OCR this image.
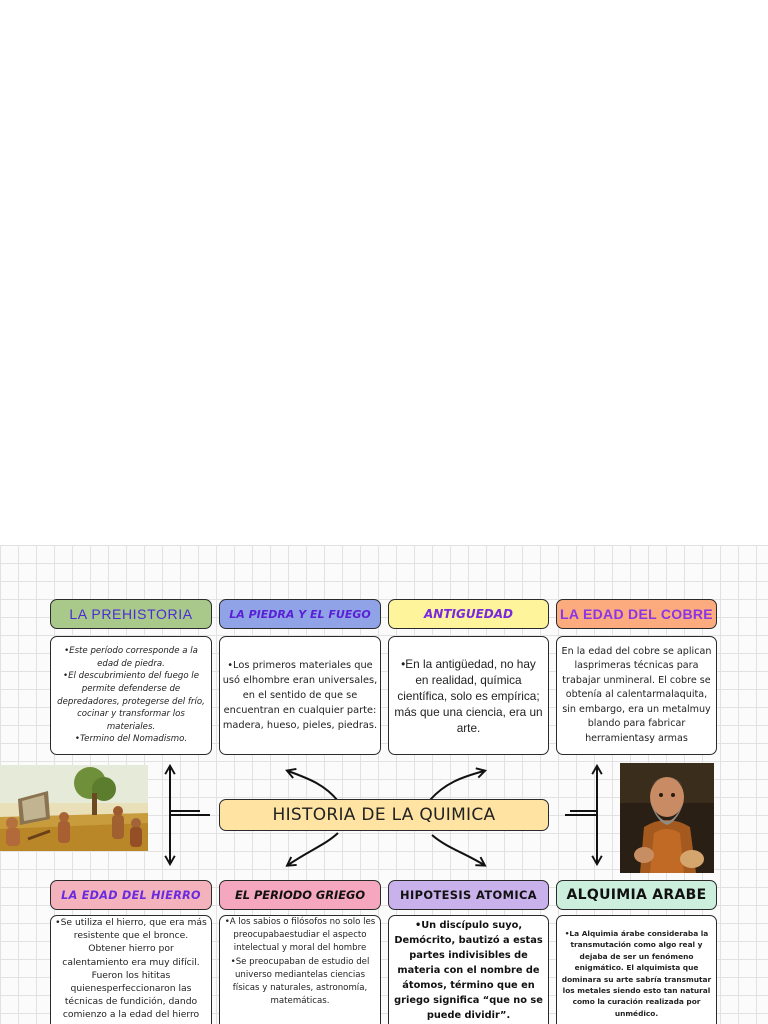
LA PREHISTORIA	LA PIEDRA Y EL FUEGO	ANTIGUEDAD	LA EDAD DEL COBRE

•Este período corresponde a la edad de piedra.
•El descubrimiento del fuego le permite defenderse de depredadores, protegerse del frío, cocinar y transformar los materiales.
•Termino del Nomadismo.

•Los primeros materiales que usó elhombre eran universales, en el sentido de que se encuentran en cualquier parte: madera, hueso, pieles, piedras.

•En la antigüedad, no hay en realidad, química científica, solo es empírica; más que una ciencia, era un arte.

En la edad del cobre se aplican lasprimeras técnicas para trabajar unmineral. El cobre se obtenía al calentarmalaquita, sin embargo, era un metalmuy blando para fabricar herramientasy armas

HISTORIA DE LA QUIMICA
LA EDAD DEL HIERRO	EL PERIODO GRIEGO	HIPOTESIS ATOMICA ALQUIMIA ARABE

•Se utiliza el hierro, que era más resistente que el bronce. Obtener hierro por calentamiento era muy difícil. Fueron los hititas quienesperfeccionaron las técnicas de fundición, dando comienzo a la edad del hierro

•A los sabios o filósofos no solo les preocupabaestudiar el aspecto intelectual y moral del hombre
•Se preocupaban de estudio del universo mediantelas ciencias físicas y naturales, astronomía, matemáticas.

•Un discípulo suyo, Demócrito, bautizó a estas partes indivisibles de materia con el nombre de átomos, término que en griego significa “que no se puede dividir”.

•La Alquimia árabe consideraba la transmutación como algo real y dejaba de ser un fenómeno enigmático. El alquimista que dominara su arte sabría transmutar los metales siendo esto tan natural como la curación realizada por unmédico.
